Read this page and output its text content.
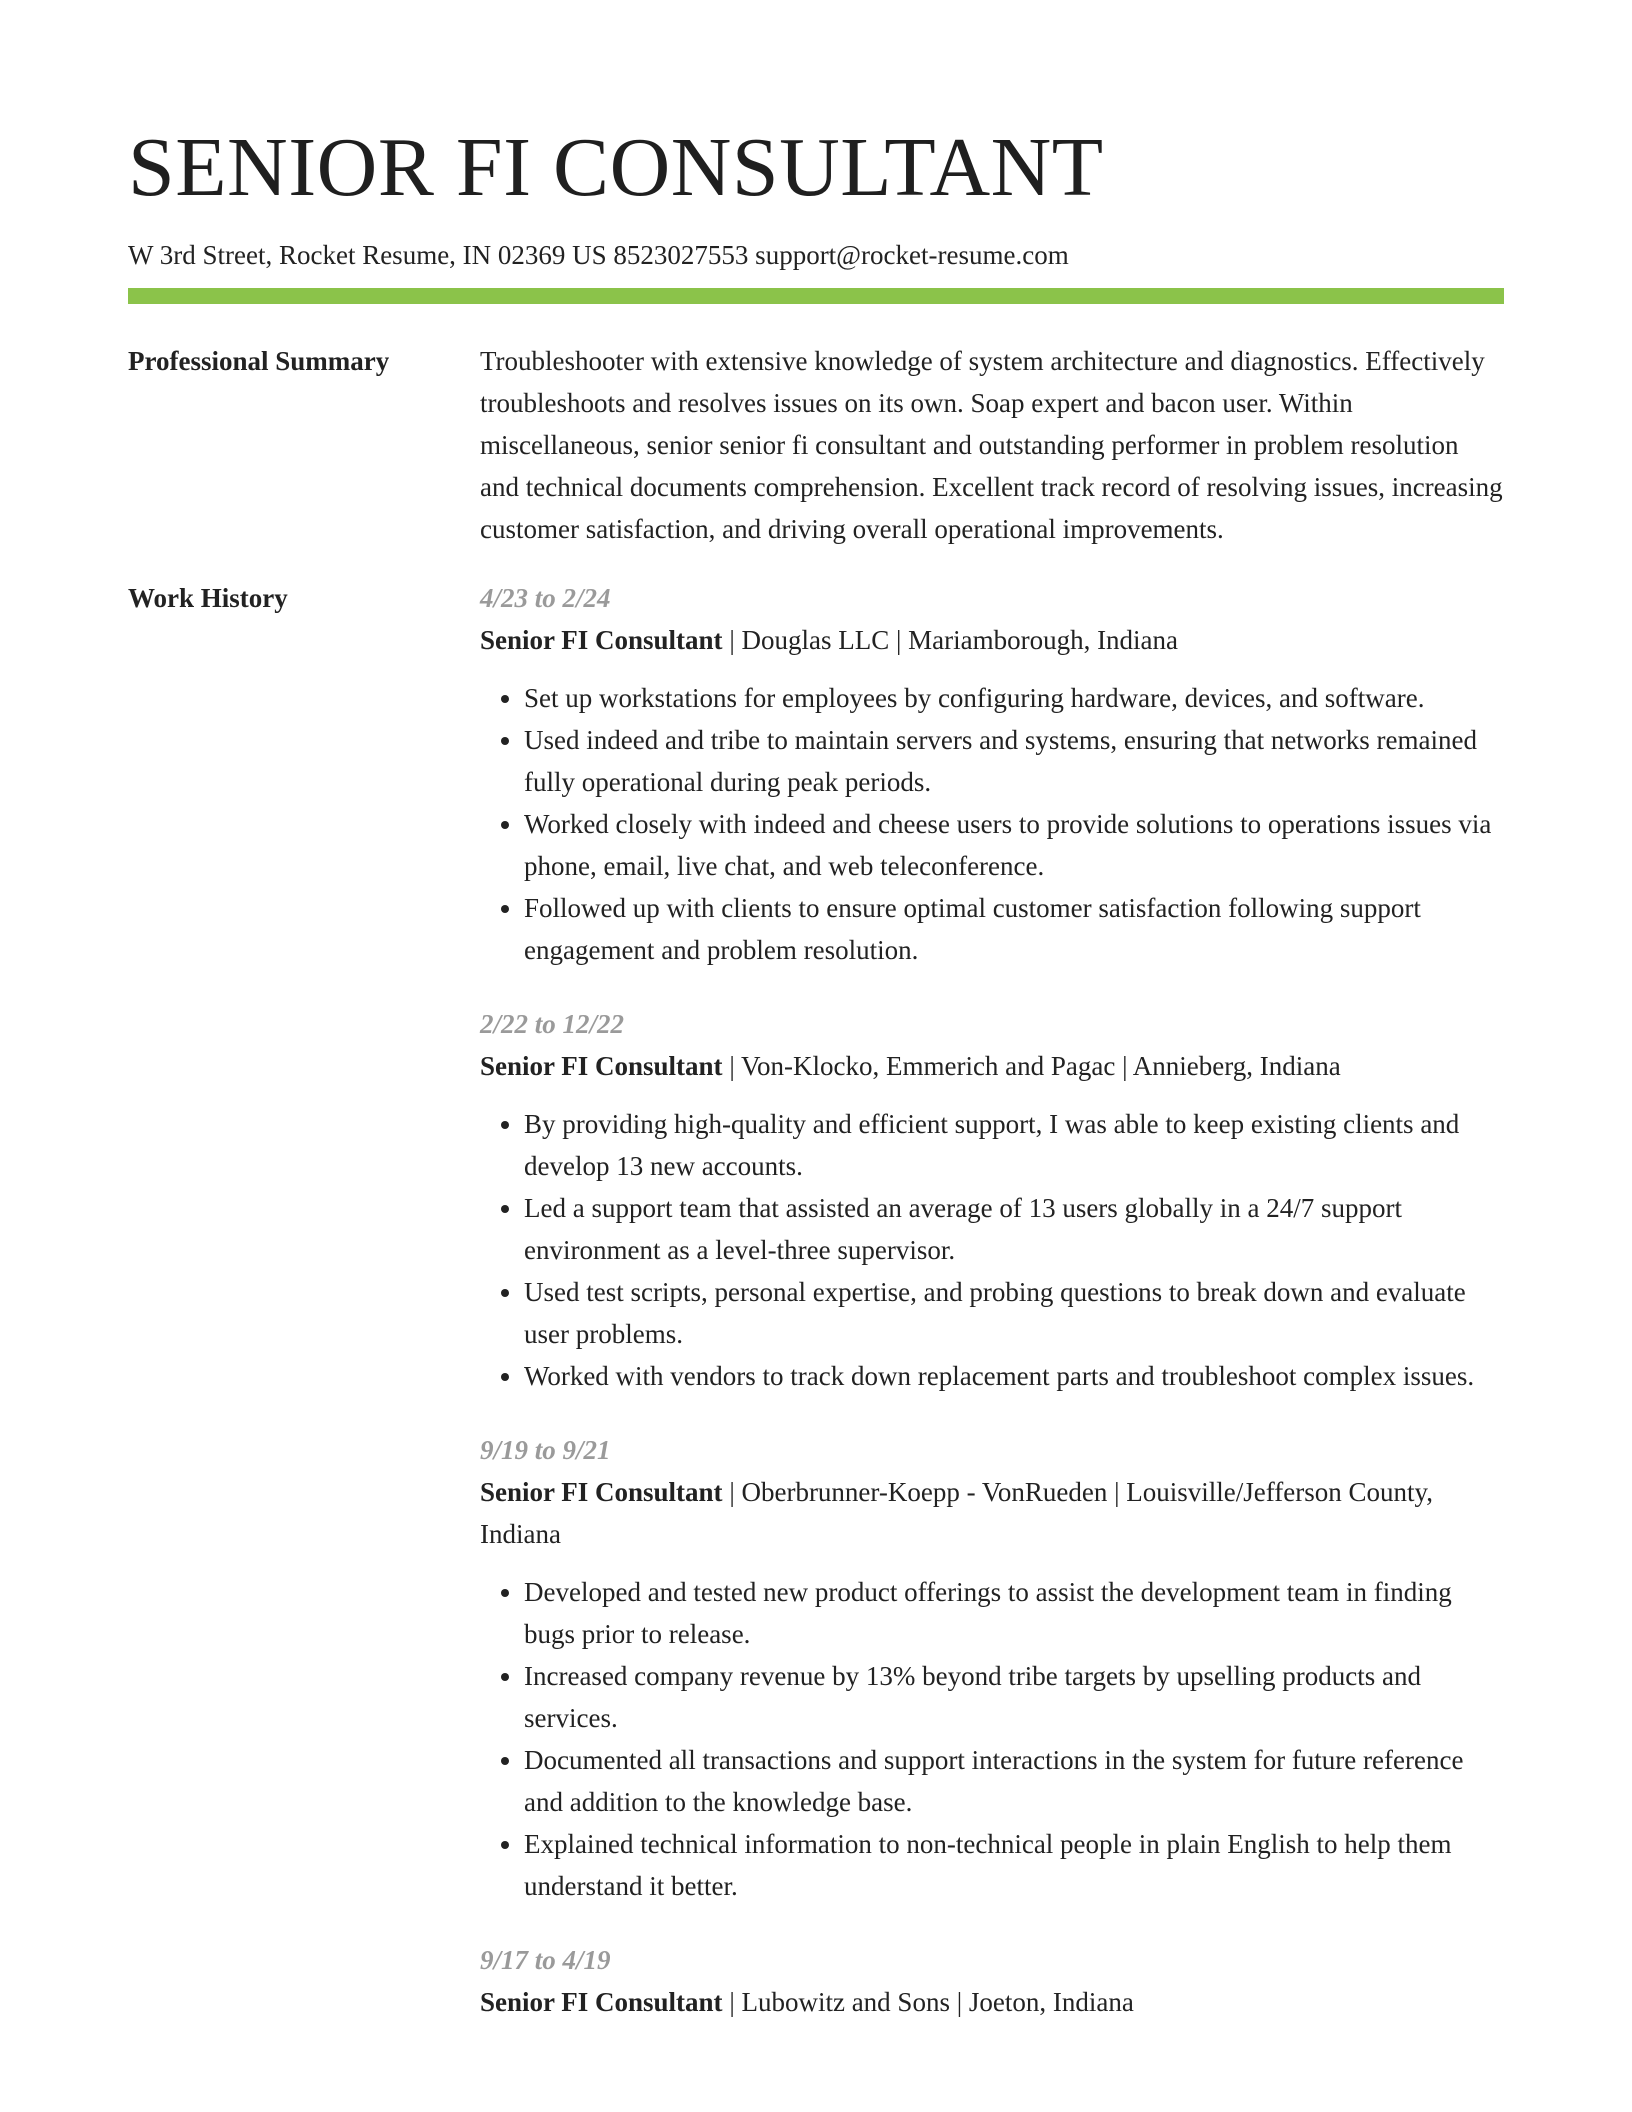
SENIOR FI CONSULTANT
W 3rd Street, Rocket Resume, IN 02369 US 8523027553 support@rocket-resume.com
Professional Summary	Troubleshooter with extensive knowledge of system architecture and diagnostics. Effectively troubleshoots and resolves issues on its own. Soap expert and bacon user. Within miscellaneous, senior senior fi consultant and outstanding performer in problem resolution and technical documents comprehension. Excellent track record of resolving issues, increasing customer satisfaction, and driving overall operational improvements.
Work History	4/23 to 2/24
Senior FI Consultant | Douglas LLC | Mariamborough, Indiana
• Set up workstations for employees by configuring hardware, devices, and software.
• Used indeed and tribe to maintain servers and systems, ensuring that networks remained fully operational during peak periods.
• Worked closely with indeed and cheese users to provide solutions to operations issues via phone, email, live chat, and web teleconference.
• Followed up with clients to ensure optimal customer satisfaction following support engagement and problem resolution.
2/22 to 12/22
Senior FI Consultant | Von-Klocko, Emmerich and Pagac | Annieberg, Indiana
• By providing high-quality and efficient support, I was able to keep existing clients and develop 13 new accounts.
• Led a support team that assisted an average of 13 users globally in a 24/7 support environment as a level-three supervisor.
• Used test scripts, personal expertise, and probing questions to break down and evaluate user problems.
• Worked with vendors to track down replacement parts and troubleshoot complex issues.
9/19 to 9/21
Senior FI Consultant | Oberbrunner-Koepp - VonRueden | Louisville/Jefferson County, Indiana
• Developed and tested new product offerings to assist the development team in finding bugs prior to release.
• Increased company revenue by 13% beyond tribe targets by upselling products and services.
• Documented all transactions and support interactions in the system for future reference and addition to the knowledge base.
• Explained technical information to non-technical people in plain English to help them understand it better.
9/17 to 4/19
Senior FI Consultant | Lubowitz and Sons | Joeton, Indiana
